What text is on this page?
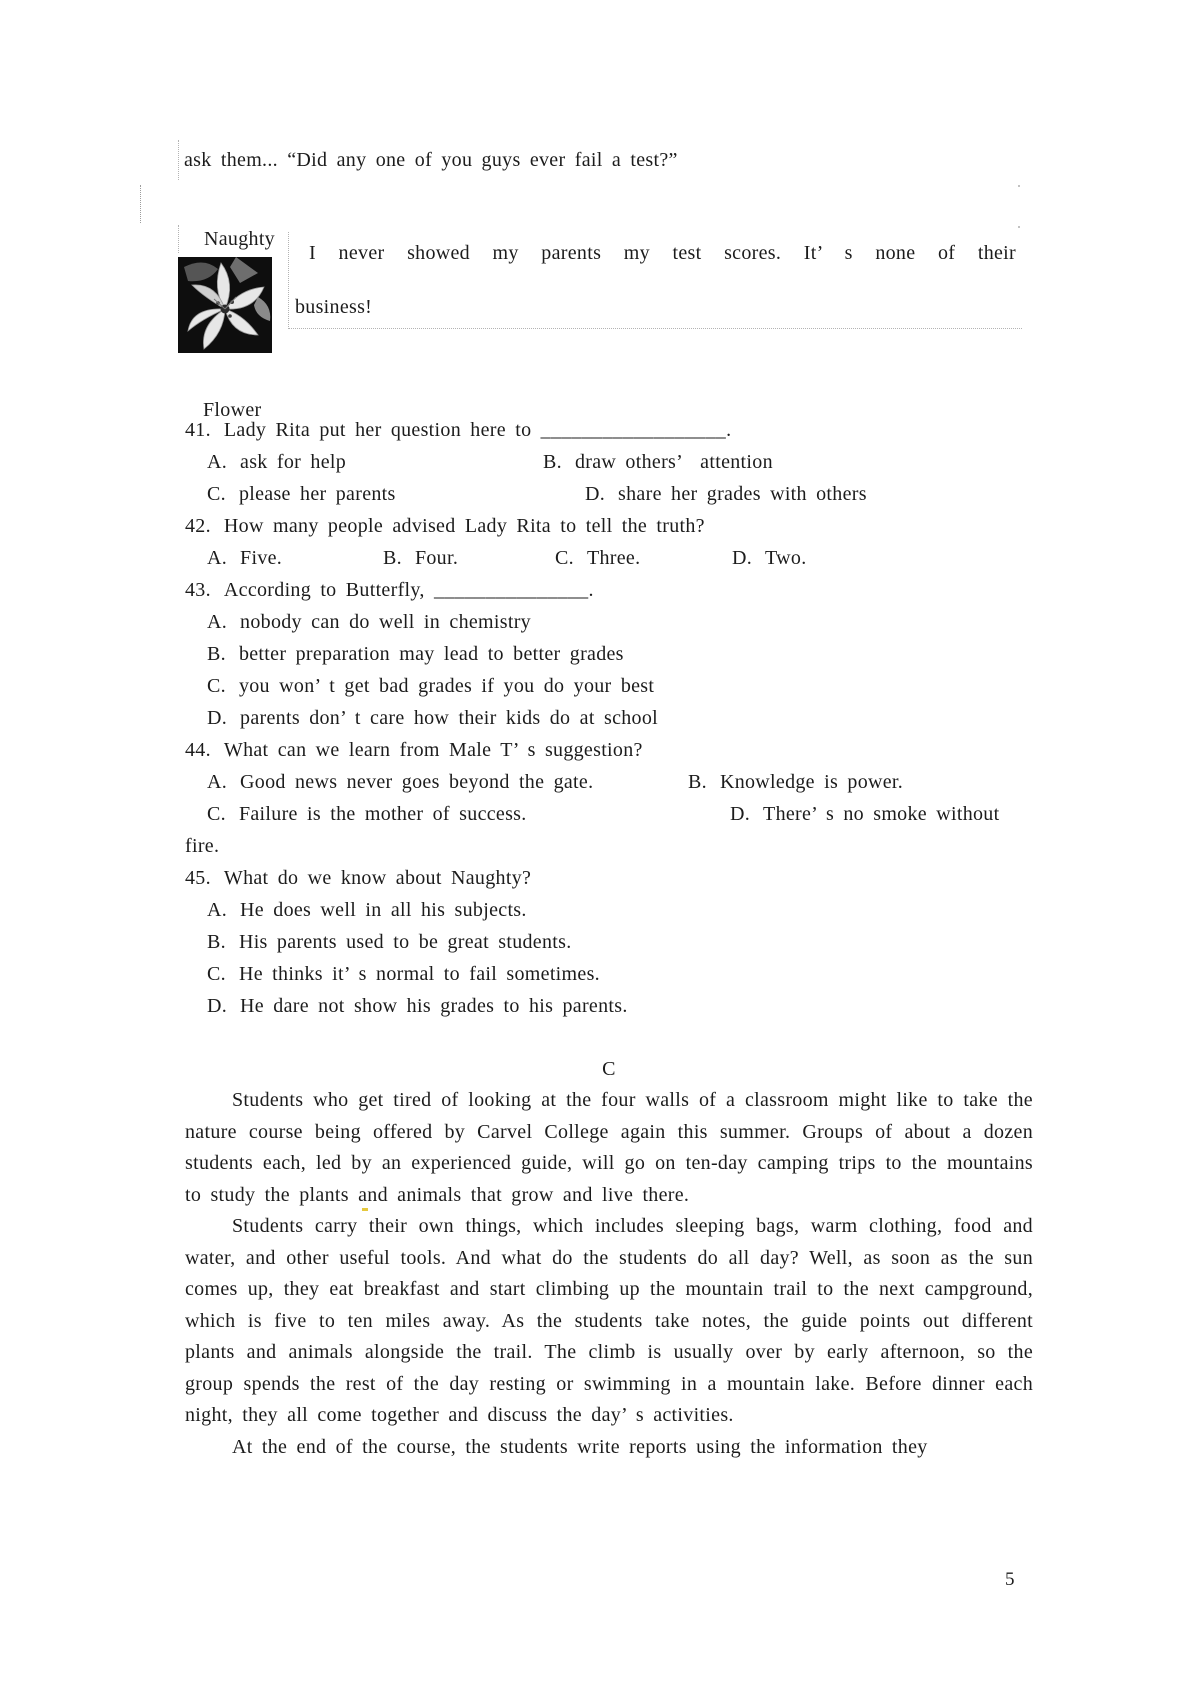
ask them... “Did any one of you guys ever fail a test?”
Naughty
I never showed my parents my test scores. It’ s none of their
business!
Flower
41. Lady Rita put her question here to __________________.
A. ask for help	B. draw others’  attention
C. please her parents	D. share her grades with others
42. How many people advised Lady Rita to tell the truth?
A. Five.	B. Four.	C. Three.	D. Two.
43. According to Butterfly, _______________.
A. nobody can do well in chemistry
B. better preparation may lead to better grades
C. you won’ t get bad grades if you do your best
D. parents don’ t care how their kids do at school
44. What can we learn from Male T’ s suggestion?
A. Good news never goes beyond the gate.	B. Knowledge is power.
C. Failure is the mother of success.	D. There’ s no smoke without
fire.
45. What do we know about Naughty?
A. He does well in all his subjects.
B. His parents used to be great students.
C. He thinks it’ s normal to fail sometimes.
D. He dare not show his grades to his parents.
C

Students who get tired of looking at the four walls of a classroom might like to take the nature course being offered by Carvel College again this summer. Groups of about a dozen students each, led by an experienced guide, will go on ten-day camping trips to the mountains to study the plants and animals that grow and live there.

Students carry their own things, which includes sleeping bags, warm clothing, food and water, and other useful tools. And what do the students do all day? Well, as soon as the sun comes up, they eat breakfast and start climbing up the mountain trail to the next campground, which is five to ten miles away. As the students take notes, the guide points out different plants and animals alongside the trail. The climb is usually over by early afternoon, so the group spends the rest of the day resting or swimming in a mountain lake. Before dinner each night, they all come together and discuss the day’ s activities.

At the end of the course, the students write reports using the information they

5
